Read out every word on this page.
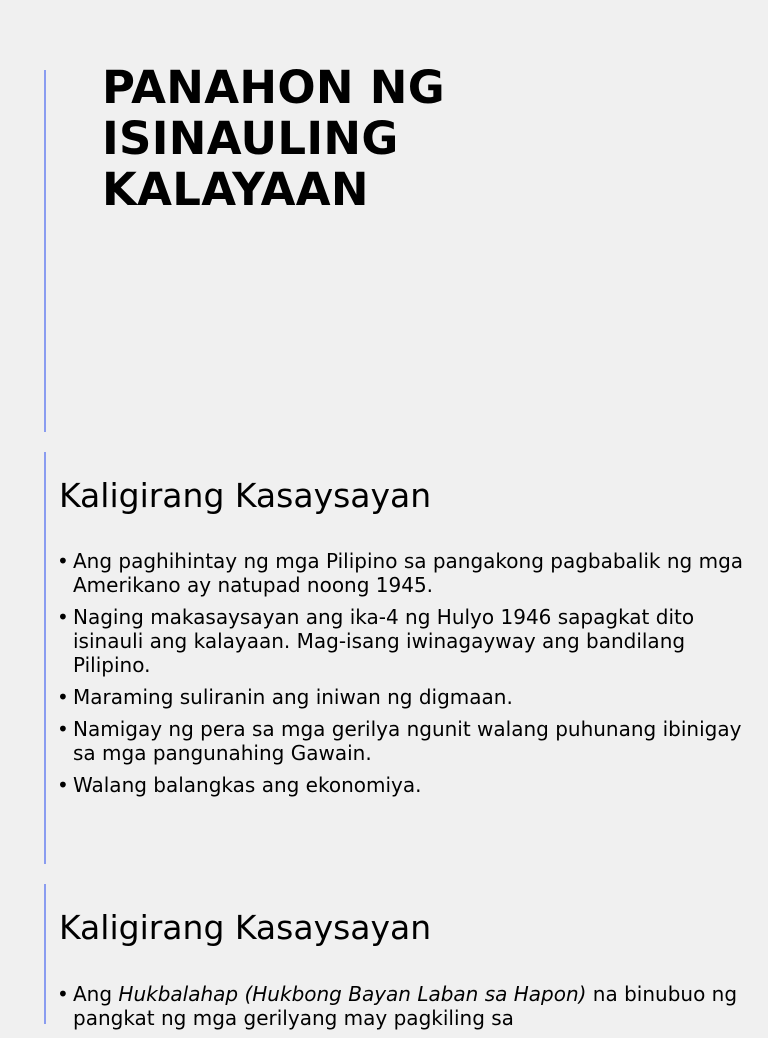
PANAHON NG
ISINAULING
KALAYAAN
Kaligirang Kasaysayan
• Ang paghihintay ng mga Pilipino sa pangakong pagbabalik ng mga Amerikano ay natupad noong 1945.
• Naging makasaysayan ang ika-4 ng Hulyo 1946 sapagkat dito isinauli ang kalayaan. Mag-isang iwinagayway ang bandilang Pilipino.
• Maraming suliranin ang iniwan ng digmaan.
• Namigay ng pera sa mga gerilya ngunit walang puhunang ibinigay sa mga pangunahing Gawain.
• Walang balangkas ang ekonomiya.
Kaligirang Kasaysayan
• Ang Hukbalahap (Hukbong Bayan Laban sa Hapon) na binubuo ng pangkat ng mga gerilyang may pagkiling sa
